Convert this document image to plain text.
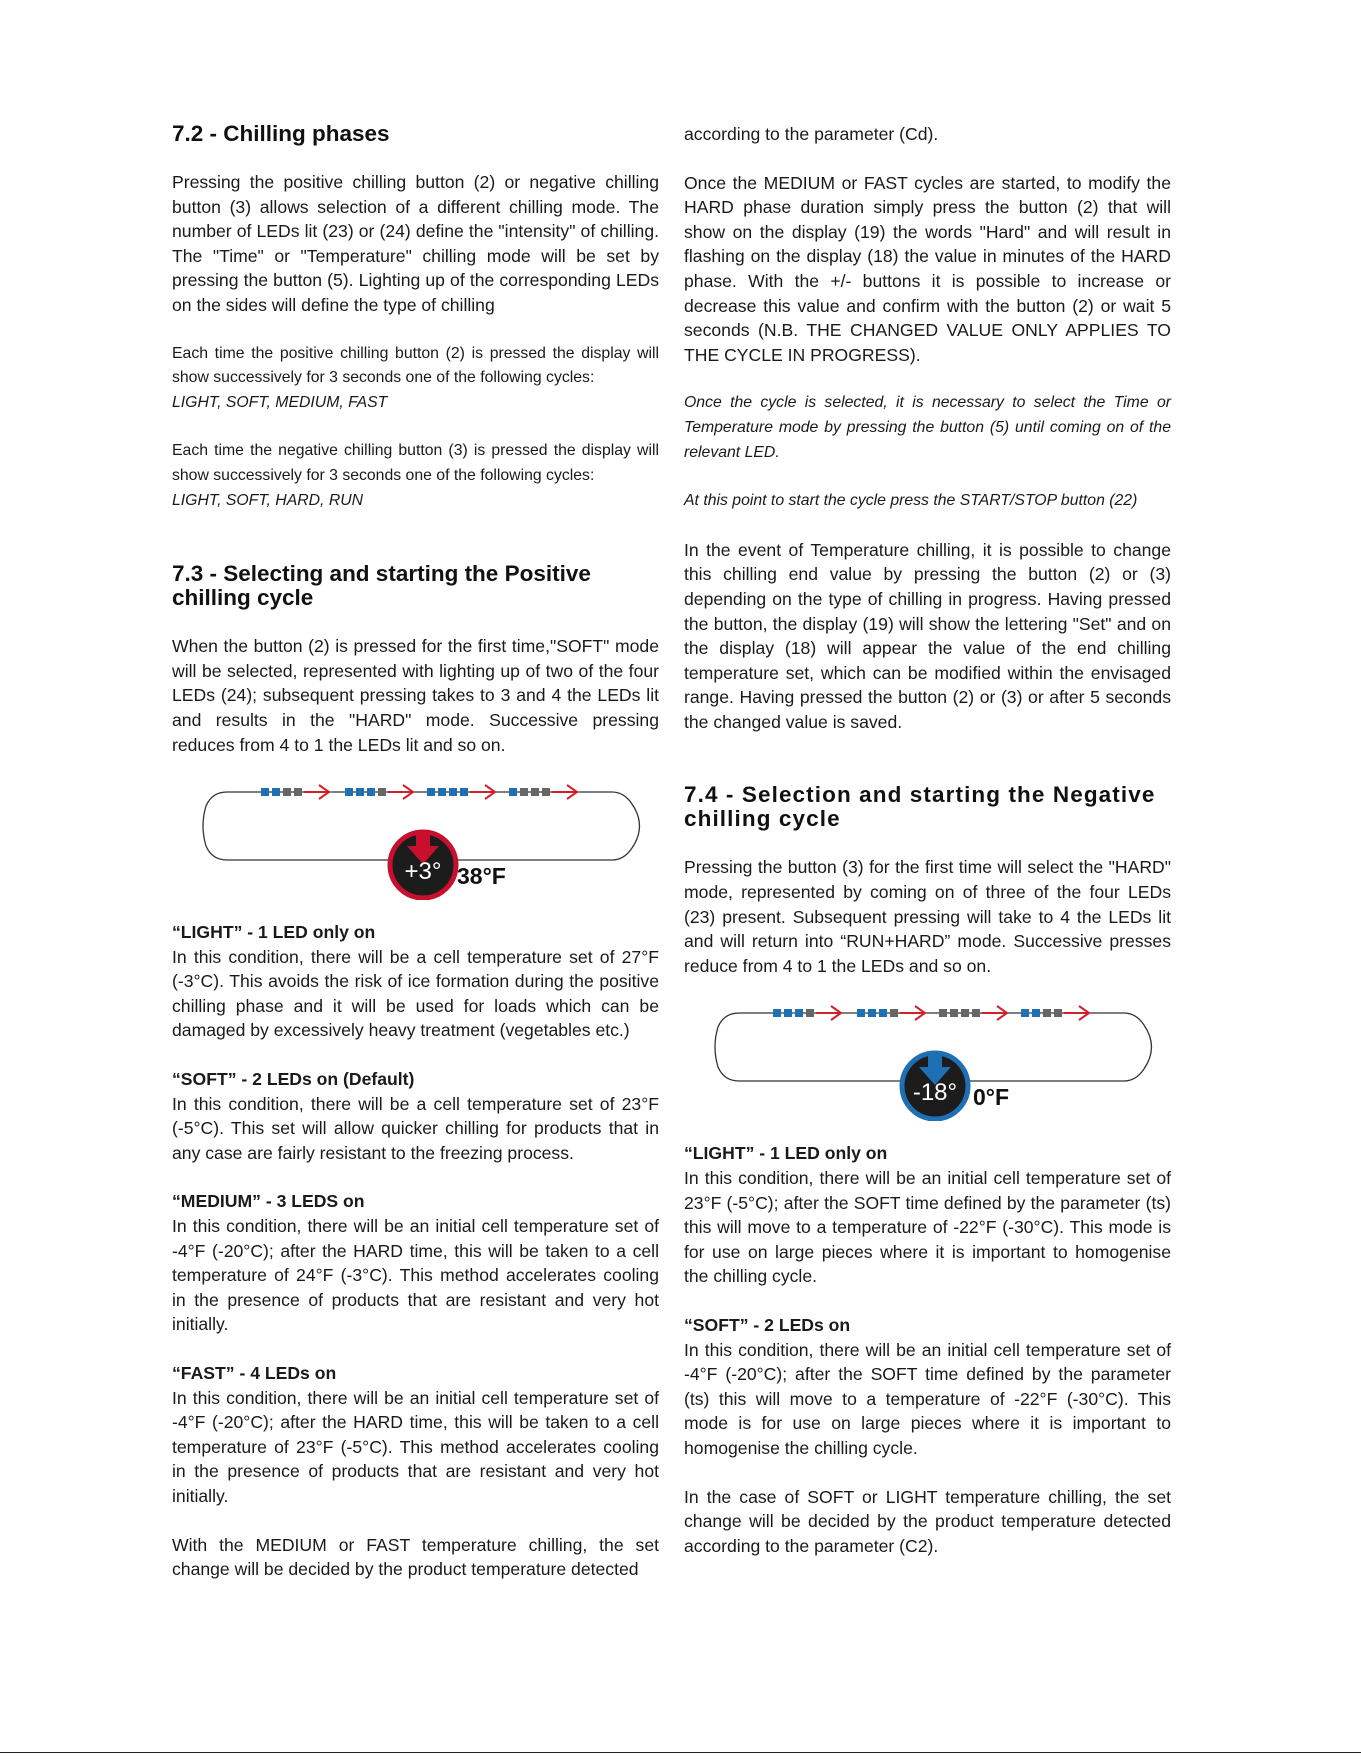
7.2 - Chilling phases

Pressing the positive chilling button (2) or negative chilling button (3) allows selection of a different chilling mode. The number of LEDs lit (23) or (24) define the "intensity" of chilling. The "Time" or "Temperature" chilling mode will be set by pressing the button (5). Lighting up of the corresponding LEDs on the sides will define the type of chilling

Each time the positive chilling button (2) is pressed the display will show successively for 3 seconds one of the following cycles:

LIGHT, SOFT, MEDIUM, FAST

Each time the negative chilling button (3) is pressed the display will show successively for 3 seconds one of the following cycles:

LIGHT, SOFT, HARD, RUN

7.3 - Selecting and starting the Positive chilling cycle

When the button (2) is pressed for the first time,"SOFT" mode will be selected, represented with lighting up of two of the four LEDs (24); subsequent pressing takes to 3 and 4 the LEDs lit and results in the "HARD" mode. Successive pressing reduces from 4 to 1 the LEDs lit and so on.

+3° 38°F

“LIGHT” - 1 LED only on

In this condition, there will be a cell temperature set of 27°F (-3°C). This avoids the risk of ice formation during the positive chilling phase and it will be used for loads which can be damaged by excessively heavy treatment (vegetables etc.)

“SOFT” - 2 LEDs on (Default)

In this condition, there will be a cell temperature set of 23°F (-5°C). This set will allow quicker chilling for products that in any case are fairly resistant to the freezing process.

“MEDIUM” - 3 LEDS on

In this condition, there will be an initial cell temperature set of -4°F (-20°C); after the HARD time, this will be taken to a cell temperature of 24°F (-3°C). This method accelerates cooling in the presence of products that are resistant and very hot initially.

“FAST” - 4 LEDs on

In this condition, there will be an initial cell temperature set of -4°F (-20°C); after the HARD time, this will be taken to a cell temperature of 23°F (-5°C). This method accelerates cooling in the presence of products that are resistant and very hot initially.

With the MEDIUM or FAST temperature chilling, the set change will be decided by the product temperature detected

according to the parameter (Cd).

Once the MEDIUM or FAST cycles are started, to modify the HARD phase duration simply press the button (2) that will show on the display (19) the words "Hard" and will result in flashing on the display (18) the value in minutes of the HARD phase. With the +/- buttons it is possible to increase or decrease this value and confirm with the button (2) or wait 5 seconds (N.B. THE CHANGED VALUE ONLY APPLIES TO THE CYCLE IN PROGRESS).

Once the cycle is selected, it is necessary to select the Time or Temperature mode by pressing the button (5) until coming on of the relevant LED.

At this point to start the cycle press the START/STOP button (22)

In the event of Temperature chilling, it is possible to change this chilling end value by pressing the button (2) or (3) depending on the type of chilling in progress. Having pressed the button, the display (19) will show the lettering "Set" and on the display (18) will appear the value of the end chilling temperature set, which can be modified within the envisaged range. Having pressed the button (2) or (3) or after 5 seconds the changed value is saved.

7.4 - Selection and starting the Negative chilling cycle

Pressing the button (3) for the first time will select the "HARD" mode, represented by coming on of three of the four LEDs (23) present. Subsequent pressing will take to 4 the LEDs lit and will return into “RUN+HARD” mode. Successive presses reduce from 4 to 1 the LEDs and so on.

-18° 0°F

“LIGHT” - 1 LED only on

In this condition, there will be an initial cell temperature set of 23°F (-5°C); after the SOFT time defined by the parameter (ts) this will move to a temperature of -22°F (-30°C). This mode is for use on large pieces where it is important to homogenise the chilling cycle.

“SOFT” - 2 LEDs on

In this condition, there will be an initial cell temperature set of -4°F (-20°C); after the SOFT time defined by the parameter (ts) this will move to a temperature of -22°F (-30°C). This mode is for use on large pieces where it is important to homogenise the chilling cycle.

In the case of SOFT or LIGHT temperature chilling, the set change will be decided by the product temperature detected according to the parameter (C2).
